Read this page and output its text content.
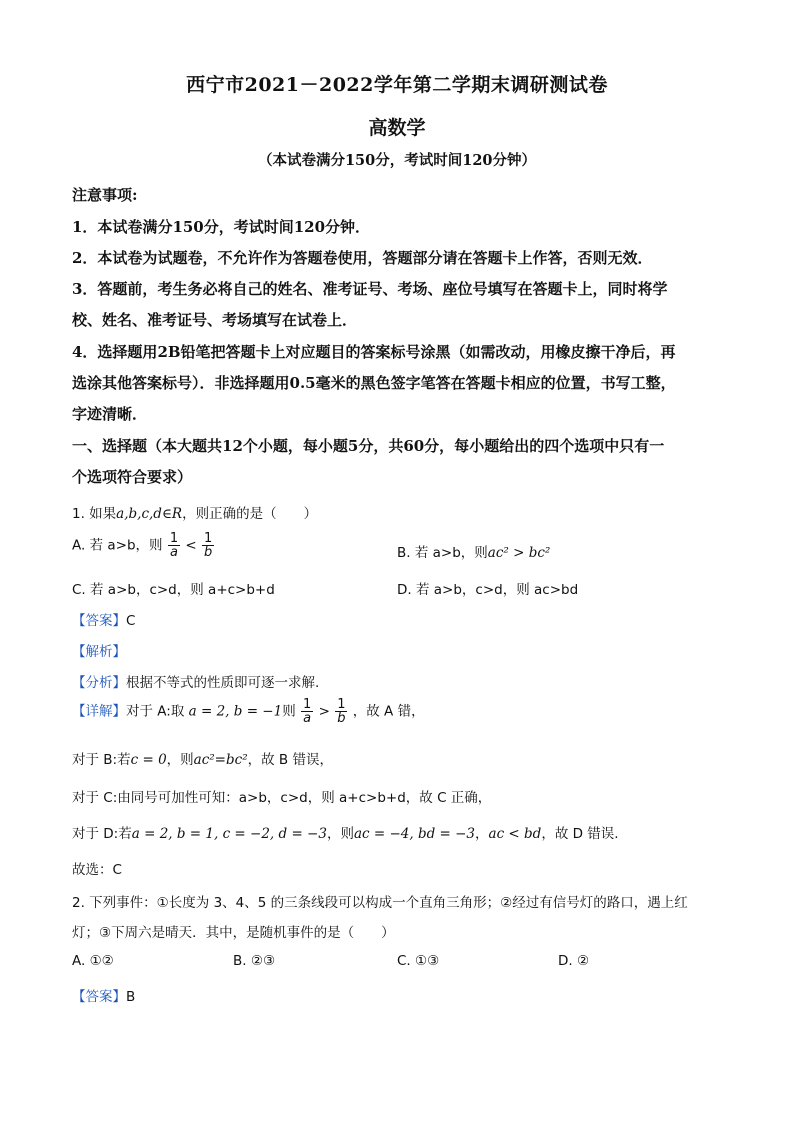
西宁市2021－2022学年第二学期末调研测试卷
高数学
（本试卷满分150分，考试时间120分钟）
注意事项:
1．本试卷满分150分，考试时间120分钟．
2．本试卷为试题卷，不允许作为答题卷使用，答题部分请在答题卡上作答，否则无效．
3．答题前，考生务必将自己的姓名、准考证号、考场、座位号填写在答题卡上，同时将学
校、姓名、准考证号、考场填写在试卷上．
4．选择题用2B铅笔把答题卡上对应题目的答案标号涂黑（如需改动，用橡皮擦干净后，再
选涂其他答案标号）．非选择题用0.5毫米的黑色签字笔答在答题卡相应的位置，书写工整，
字迹清晰．
一、选择题（本大题共12个小题，每小题5分，共60分，每小题给出的四个选项中只有一
个选项符合要求）
1. 如果a,b,c,d∈R，则正确的是（　　）
A. 若 a>b，则 $\frac{1}{a} < \frac{1}{b}$	B. 若 a>b，则ac² > bc²
C. 若 a>b，c>d，则 a+c>b+d	D. 若 a>b，c>d，则 ac>bd
【答案】C
【解析】
【分析】根据不等式的性质即可逐一求解.
【详解】对于 A:取 a = 2, b = −1则 $\frac{1}{a} > \frac{1}{b}$ ，故 A 错，
对于 B:若c = 0，则ac²=bc²，故 B 错误，
对于 C:由同号可加性可知：a>b，c>d，则 a+c>b+d，故 C 正确，
对于 D:若a = 2, b = 1, c = −2, d = −3，则ac = −4, bd = −3，ac < bd，故 D 错误.
故选：C
2. 下列事件：①长度为 3、4、5 的三条线段可以构成一个直角三角形；②经过有信号灯的路口，遇上红
灯；③下周六是晴天．其中，是随机事件的是（　　）
A. ①②	B. ②③	C. ①③	D. ②
【答案】B
